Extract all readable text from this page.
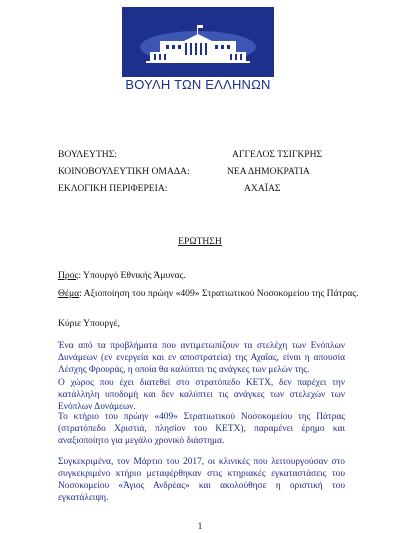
ΒΟΥΛΗ ΤΩΝ ΕΛΛΗΝΩΝ
ΒΟΥΛΕΥΤΗΣ:	ΑΓΓΕΛΟΣ ΤΣΙΓΚΡΗΣ
ΚΟΙΝΟΒΟΥΛΕΥΤΙΚΗ ΟΜΑΔΑ:	ΝΕΑ ΔΗΜΟΚΡΑΤΙΑ
ΕΚΛΟΓΙΚΗ ΠΕΡΙΦΕΡΕΙΑ:	ΑΧΑΪΑΣ
ΕΡΩΤΗΣΗ
Προς: Υπουργό Εθνικής Άμυνας.
Θέμα: Αξιοποίηση του πρώην «409» Στρατιωτικού Νοσοκομείου της Πάτρας.
Κύριε Υπουργέ,

Ένα από τα προβλήματα που αντιμετωπίζουν τα στελέχη των Ενόπλων Δυνάμεων (εν ενεργεία και εν αποστρατεία) της Αχαΐας, είναι η απουσία Λέσχης Φρουράς, η οποία θα καλύπτει τις ανάγκες των μελών της.

Ο χώρος που έχει διατεθεί στο στρατόπεδο ΚΕΤΧ, δεν παρέχει την κατάλληλη υποδομή και δεν καλύπτει τις ανάγκες των στελεχών των Ενόπλων Δυνάμεων.

Το κτήριο του πρώην «409» Στρατιωτικού Νοσοκομείου της Πάτρας (στρατόπεδο Χριστιά, πλησίον του ΚΕΤΧ), παραμένει έρημο και αναξιοποίητο για μεγάλο χρονικό διάστημα.

Συγκεκριμένα, τον Μάρτιο του 2017, οι κλινικές που λειτουργούσαν στο συγκεκριμένο κτήριο μεταφέρθηκαν στις κτηριακές εγκαταστάσεις του Νοσοκομείου «Άγιος Ανδρέας» και ακολούθησε η οριστική του εγκατάλειψη.

1
